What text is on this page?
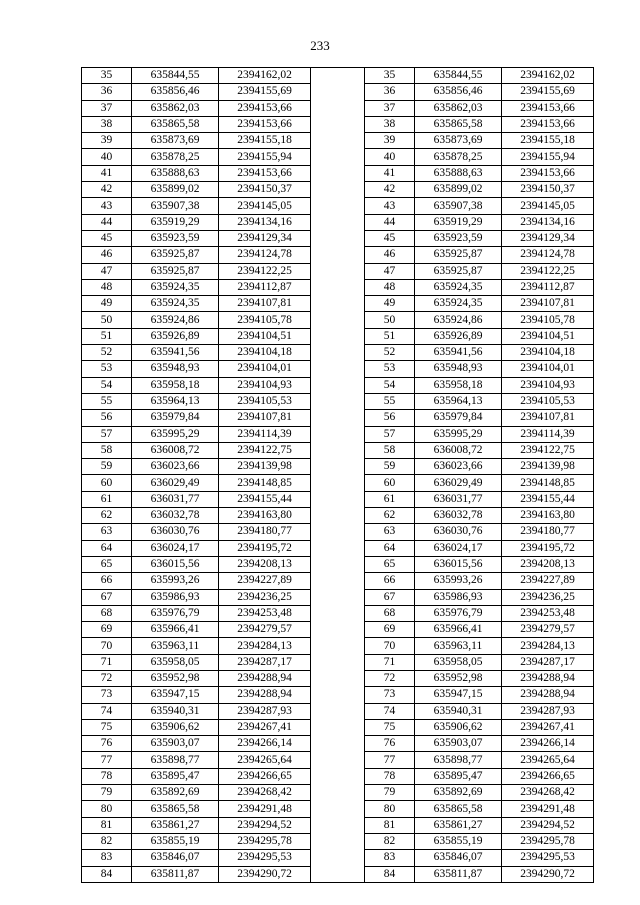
233
35	635844,55	2394162,02		35	635844,55	2394162,02
36	635856,46	2394155,69		36	635856,46	2394155,69
37	635862,03	2394153,66		37	635862,03	2394153,66
38	635865,58	2394153,66		38	635865,58	2394153,66
39	635873,69	2394155,18		39	635873,69	2394155,18
40	635878,25	2394155,94		40	635878,25	2394155,94
41	635888,63	2394153,66		41	635888,63	2394153,66
42	635899,02	2394150,37		42	635899,02	2394150,37
43	635907,38	2394145,05		43	635907,38	2394145,05
44	635919,29	2394134,16		44	635919,29	2394134,16
45	635923,59	2394129,34		45	635923,59	2394129,34
46	635925,87	2394124,78		46	635925,87	2394124,78
47	635925,87	2394122,25		47	635925,87	2394122,25
48	635924,35	2394112,87		48	635924,35	2394112,87
49	635924,35	2394107,81		49	635924,35	2394107,81
50	635924,86	2394105,78		50	635924,86	2394105,78
51	635926,89	2394104,51		51	635926,89	2394104,51
52	635941,56	2394104,18		52	635941,56	2394104,18
53	635948,93	2394104,01		53	635948,93	2394104,01
54	635958,18	2394104,93		54	635958,18	2394104,93
55	635964,13	2394105,53		55	635964,13	2394105,53
56	635979,84	2394107,81		56	635979,84	2394107,81
57	635995,29	2394114,39		57	635995,29	2394114,39
58	636008,72	2394122,75		58	636008,72	2394122,75
59	636023,66	2394139,98		59	636023,66	2394139,98
60	636029,49	2394148,85		60	636029,49	2394148,85
61	636031,77	2394155,44		61	636031,77	2394155,44
62	636032,78	2394163,80		62	636032,78	2394163,80
63	636030,76	2394180,77		63	636030,76	2394180,77
64	636024,17	2394195,72		64	636024,17	2394195,72
65	636015,56	2394208,13		65	636015,56	2394208,13
66	635993,26	2394227,89		66	635993,26	2394227,89
67	635986,93	2394236,25		67	635986,93	2394236,25
68	635976,79	2394253,48		68	635976,79	2394253,48
69	635966,41	2394279,57		69	635966,41	2394279,57
70	635963,11	2394284,13		70	635963,11	2394284,13
71	635958,05	2394287,17		71	635958,05	2394287,17
72	635952,98	2394288,94		72	635952,98	2394288,94
73	635947,15	2394288,94		73	635947,15	2394288,94
74	635940,31	2394287,93		74	635940,31	2394287,93
75	635906,62	2394267,41		75	635906,62	2394267,41
76	635903,07	2394266,14		76	635903,07	2394266,14
77	635898,77	2394265,64		77	635898,77	2394265,64
78	635895,47	2394266,65		78	635895,47	2394266,65
79	635892,69	2394268,42		79	635892,69	2394268,42
80	635865,58	2394291,48		80	635865,58	2394291,48
81	635861,27	2394294,52		81	635861,27	2394294,52
82	635855,19	2394295,78		82	635855,19	2394295,78
83	635846,07	2394295,53		83	635846,07	2394295,53
84	635811,87	2394290,72		84	635811,87	2394290,72
